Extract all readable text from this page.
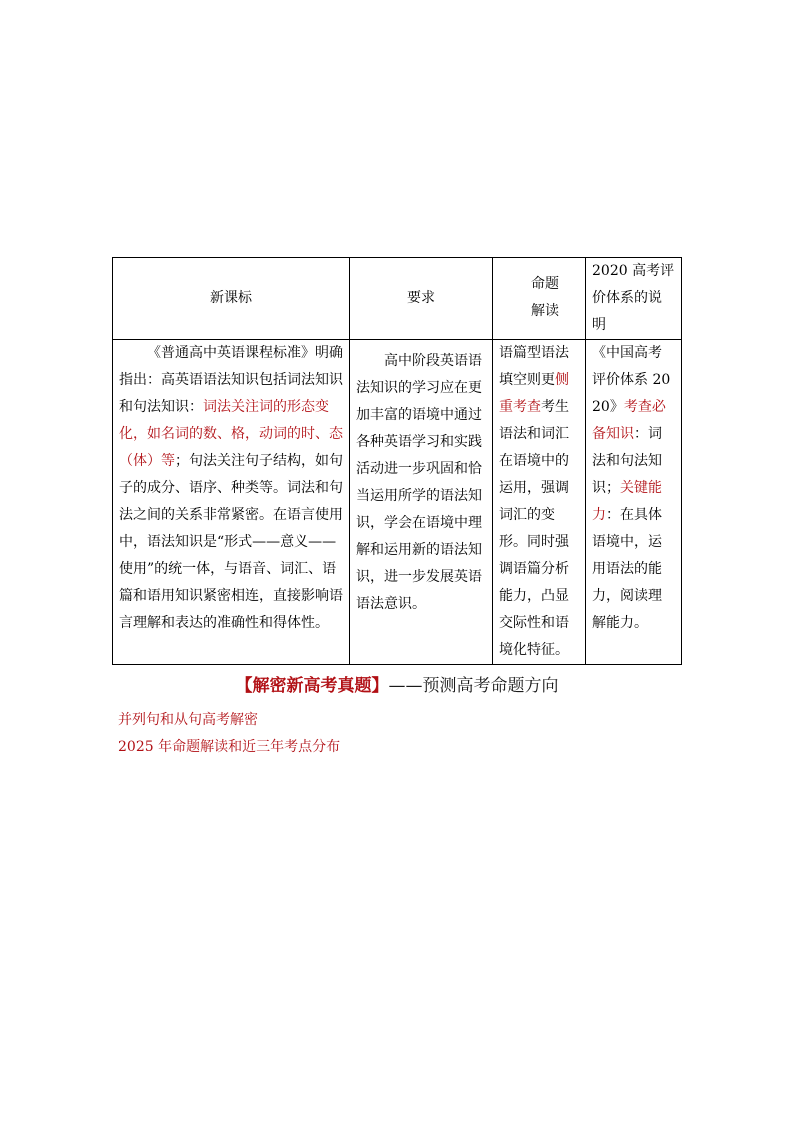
新课标	要求	命题解读	2020 高考评价体系的说明

《普通高中英语课程标准》明确指出：高英语语法知识包括词法知识和句法知识：词法关注词的形态变化，如名词的数、格，动词的时、态（体）等；句法关注句子结构，如句子的成分、语序、种类等。词法和句法之间的关系非常紧密。在语言使用中，语法知识是“形式——意义——使用”的统一体，与语音、词汇、语篇和语用知识紧密相连，直接影响语言理解和表达的准确性和得体性。	高中阶段英语语法知识的学习应在更加丰富的语境中通过各种英语学习和实践活动进一步巩固和恰当运用所学的语法知识，学会在语境中理解和运用新的语法知识，进一步发展英语语法意识。	语篇型语法填空则更侧重考查考生语法和词汇在语境中的运用，强调词汇的变形。同时强调语篇分析能力，凸显交际性和语境化特征。	《中国高考评价体系 2020》考查必备知识：词法和句法知识；关键能力：在具体语境中，运用语法的能力，阅读理解能力。

【解密新高考真题】——预测高考命题方向
并列句和从句高考解密
2025 年命题解读和近三年考点分布
